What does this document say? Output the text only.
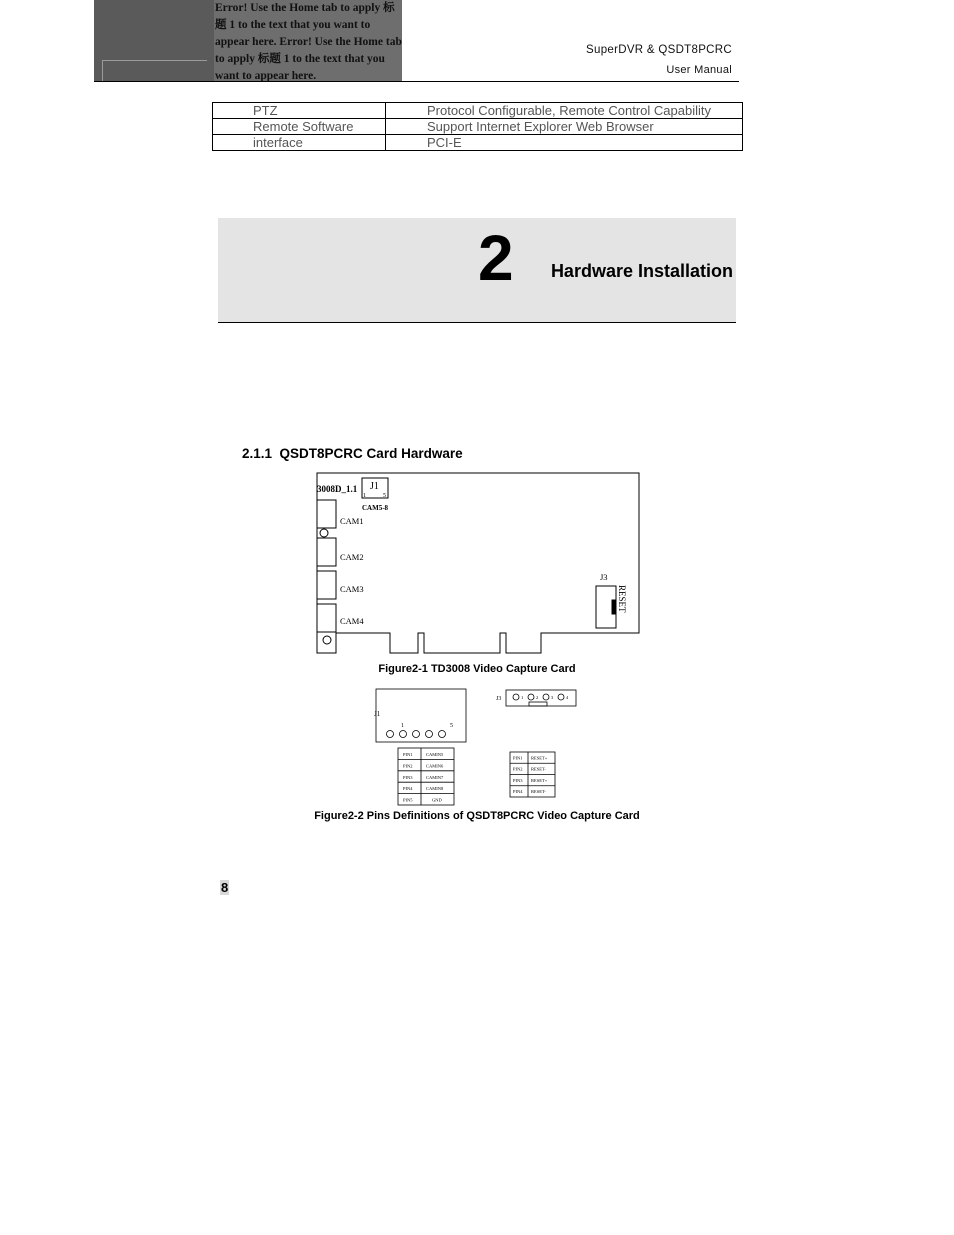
Error! Use the Home tab to apply 标题 1 to the text that you want to appear here. Error! Use the Home tab to apply 标题 1 to the text that you want to appear here.
SuperDVR & QSDT8PCRC
User Manual
PTZ	Protocol Configurable, Remote Control Capability
Remote Software	Support Internet Explorer Web Browser
interface	PCI-E
2 Hardware Installation
2.1.1 QSDT8PCRC Card Hardware
3008D_1.1 J1
1	5
CAM5-8
CAM1
CAM2
CAM3
CAM4
J3
RESET
Figure2-1 TD3008 Video Capture Card
J1
1	5
J3	1	2	3	4
PIN1	CAMIN5
PIN2	CAMIN6
PIN3	CAMIN7
PIN4	CAMIN8
PIN5	GND
PIN1 RESET+
PIN2 RESET-
PIN3 RESET+
PIN4 RESET-
Figure2-2 Pins Definitions of QSDT8PCRC Video Capture Card
8
